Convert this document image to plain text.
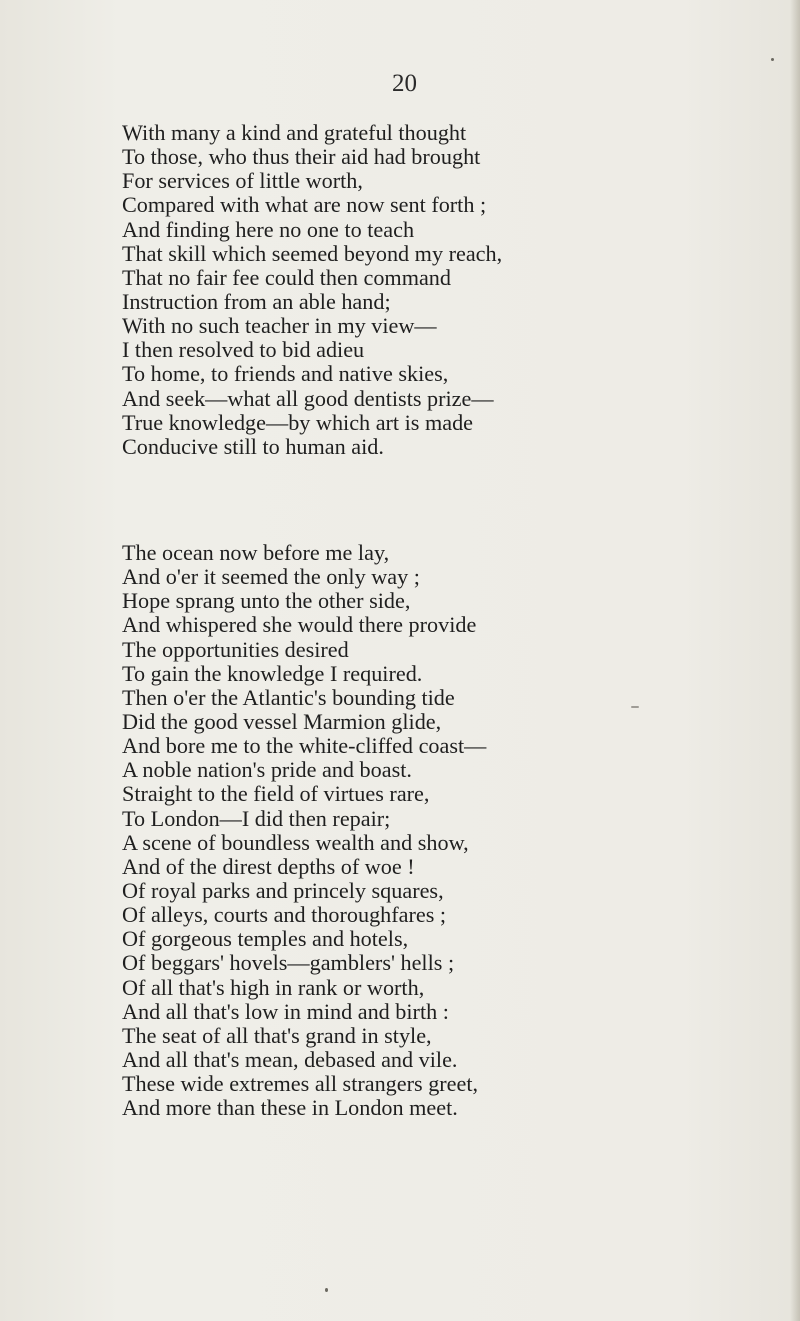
20
With many a kind and grateful thought
To those, who thus their aid had brought
For services of little worth,
Compared with what are now sent forth ;
And finding here no one to teach
That skill which seemed beyond my reach,
That no fair fee could then command
Instruction from an able hand;
With no such teacher in my view—
I then resolved to bid adieu
To home, to friends and native skies,
And seek—what all good dentists prize—
True knowledge—by which art is made
Conducive still to human aid.
The ocean now before me lay,
And o'er it seemed the only way ;
Hope sprang unto the other side,
And whispered she would there provide
The opportunities desired
To gain the knowledge I required.
Then o'er the Atlantic's bounding tide
Did the good vessel Marmion glide,
And bore me to the white-cliffed coast—
A noble nation's pride and boast.
Straight to the field of virtues rare,
To London—I did then repair;
A scene of boundless wealth and show,
And of the direst depths of woe !
Of royal parks and princely squares,
Of alleys, courts and thoroughfares ;
Of gorgeous temples and hotels,
Of beggars' hovels—gamblers' hells ;
Of all that's high in rank or worth,
And all that's low in mind and birth :
The seat of all that's grand in style,
And all that's mean, debased and vile.
These wide extremes all strangers greet,
And more than these in London meet.
